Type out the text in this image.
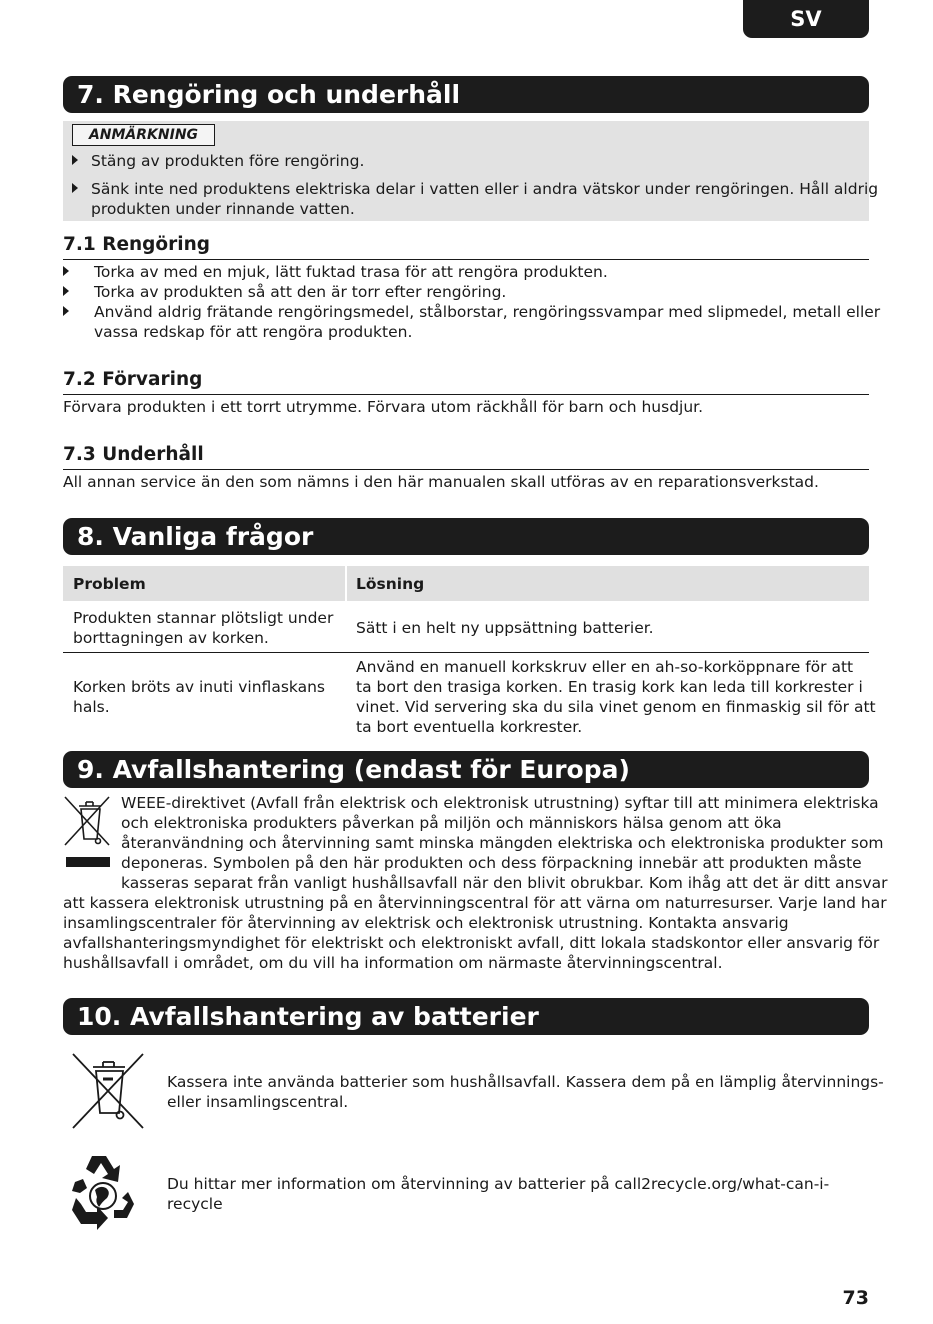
SV
7. Rengöring och underhåll
ANMÄRKNING
Stäng av produkten före rengöring.
Sänk inte ned produktens elektriska delar i vatten eller i andra vätskor under rengöringen. Håll aldrig
produkten under rinnande vatten.
7.1 Rengöring
Torka av med en mjuk, lätt fuktad trasa för att rengöra produkten.
Torka av produkten så att den är torr efter rengöring.
Använd aldrig frätande rengöringsmedel, stålborstar, rengöringssvampar med slipmedel, metall eller
vassa redskap för att rengöra produkten.
7.2 Förvaring
Förvara produkten i ett torrt utrymme. Förvara utom räckhåll för barn och husdjur.
7.3 Underhåll
All annan service än den som nämns i den här manualen skall utföras av en reparationsverkstad.
8. Vanliga frågor
Problem	Lösning
Produkten stannar plötsligt under
borttagningen av korken.
Sätt i en helt ny uppsättning batterier.
Korken bröts av inuti vinflaskans
hals.
Använd en manuell korkskruv eller en ah-so-korköppnare för att
ta bort den trasiga korken. En trasig kork kan leda till korkrester i
vinet. Vid servering ska du sila vinet genom en finmaskig sil för att
ta bort eventuella korkrester.
9. Avfallshantering (endast för Europa)
WEEE-direktivet (Avfall från elektrisk och elektronisk utrustning) syftar till att minimera elektriska
och elektroniska produkters påverkan på miljön och människors hälsa genom att öka
återanvändning och återvinning samt minska mängden elektriska och elektroniska produkter som
deponeras. Symbolen på den här produkten och dess förpackning innebär att produkten måste
kasseras separat från vanligt hushållsavfall när den blivit obrukbar. Kom ihåg att det är ditt ansvar
att kassera elektronisk utrustning på en återvinningscentral för att värna om naturresurser. Varje land har
insamlingscentraler för återvinning av elektrisk och elektronisk utrustning. Kontakta ansvarig
avfallshanteringsmyndighet för elektriskt och elektroniskt avfall, ditt lokala stadskontor eller ansvarig för
hushållsavfall i området, om du vill ha information om närmaste återvinningscentral.
10. Avfallshantering av batterier
Kassera inte använda batterier som hushållsavfall. Kassera dem på en lämplig återvinnings-
eller insamlingscentral.
Du hittar mer information om återvinning av batterier på call2recycle.org/what-can-i-
recycle
73
